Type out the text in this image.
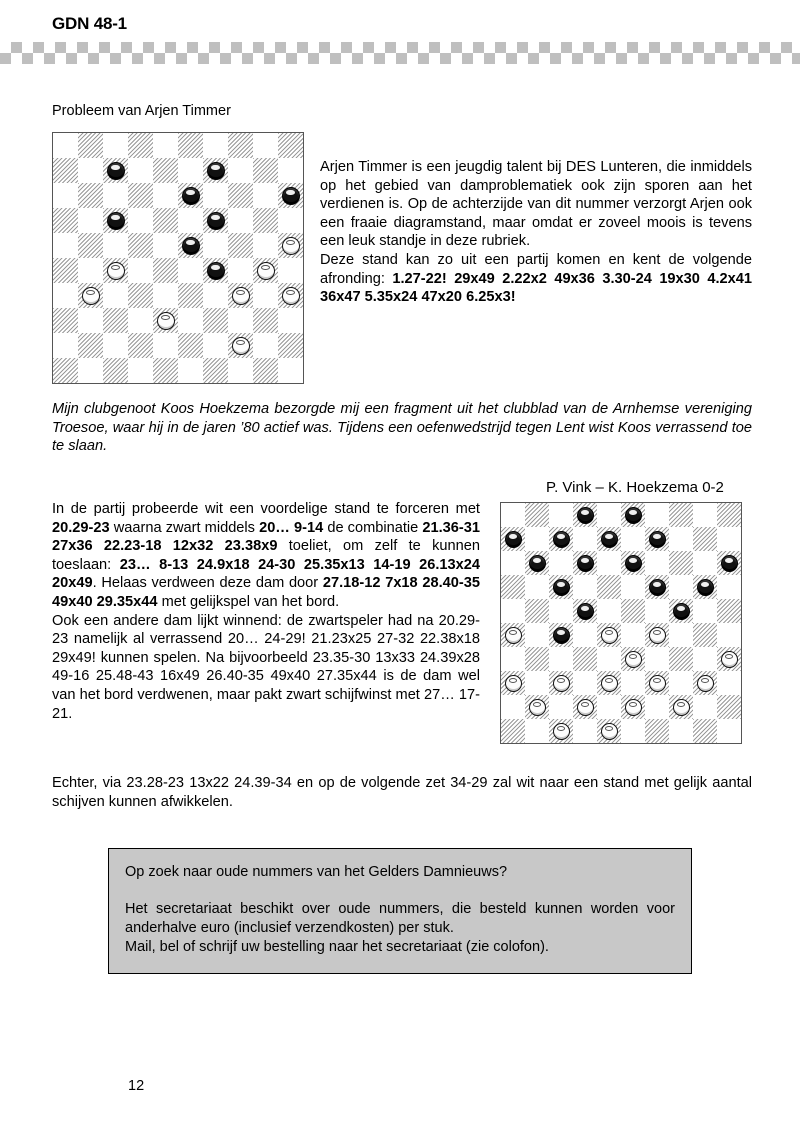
GDN 48-1
Probleem van Arjen Timmer

Arjen Timmer is een jeugdig talent bij DES Lunteren, die inmiddels op het gebied van damproblematiek ook zijn sporen aan het verdienen is. Op de achterzijde van dit nummer verzorgt Arjen ook een fraaie diagramstand, maar omdat er zoveel moois is tevens een leuk standje in deze rubriek.

Deze stand kan zo uit een partij komen en kent de volgende afronding: 1.27-22! 29x49 2.22x2 49x36 3.30-24 19x30 4.2x41 36x47 5.35x24 47x20 6.25x3!

Mijn clubgenoot Koos Hoekzema bezorgde mij een fragment uit het clubblad van de Arnhemse vereniging Troesoe, waar hij in de jaren ’80 actief was. Tijdens een oefenwedstrijd tegen Lent wist Koos verrassend toe te slaan.

P. Vink – K. Hoekzema 0-2

In de partij probeerde wit een voordelige stand te forceren met 20.29-23 waarna zwart middels 20… 9-14 de combinatie 21.36-31 27x36 22.23-18 12x32 23.38x9 toeliet, om zelf te kunnen toeslaan: 23… 8-13 24.9x18 24-30 25.35x13 14-19 26.13x24 20x49. Helaas verdween deze dam door 27.18-12 7x18 28.40-35 49x40 29.35x44 met gelijkspel van het bord.

Ook een andere dam lijkt winnend: de zwartspeler had na 20.29-23 namelijk al verrassend 20… 24-29! 21.23x25 27-32 22.38x18 29x49! kunnen spelen. Na bijvoorbeeld 23.35-30 13x33 24.39x28 49-16 25.48-43 16x49 26.40-35 49x40 27.35x44 is de dam wel van het bord verdwenen, maar pakt zwart schijfwinst met 27… 17-21.

Echter, via 23.28-23 13x22 24.39-34 en op de volgende zet 34-29 zal wit naar een stand met gelijk aantal schijven kunnen afwikkelen.

Op zoek naar oude nummers van het Gelders Damnieuws?

Het secretariaat beschikt over oude nummers, die besteld kunnen worden voor anderhalve euro (inclusief verzendkosten) per stuk.

Mail, bel of schrijf uw bestelling naar het secretariaat (zie colofon).

12
